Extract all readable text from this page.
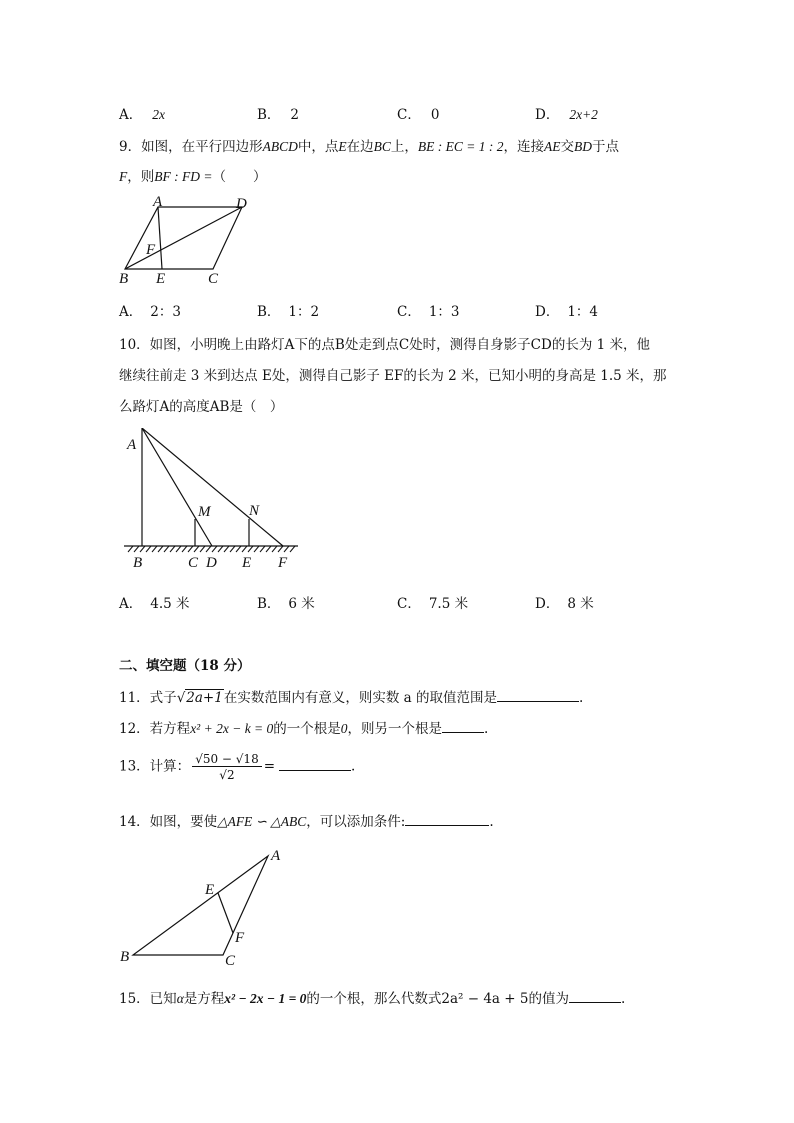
A． 2x	B． 2	C． 0	D． 2x+2
9．如图，在平行四边形ABCD中，点E在边BC上，BE : EC = 1 : 2，连接AE交BD于点
F，则BF : FD =（　　）
A	D
F
B E	C
A． 2：3	B． 1：2	C． 1：3	D． 1：4
10．如图，小明晚上由路灯A下的点B处走到点C处时，测得自身影子CD的长为 1 米，他
继续往前走 3 米到达点 E处，测得自己影子 EF的长为 2 米，已知小明的身高是 1.5 米，那
么路灯A的高度AB是（　）
A
M	N
B	C D E F
A． 4.5 米	B． 6 米	C． 7.5 米	D． 8 米
二、填空题（18 分）
11．式子√2a+1在实数范围内有意义，则实数 a 的取值范围是	.
12．若方程x² + 2x − k = 0的一个根是0，则另一个根是	.
13．计算： $\frac{√50 - √18}{√2}$ =	.
14．如图，要使△AFE ∽ △ABC，可以添加条件:	.
A
E
F
B	C
15．已知α是方程x² − 2x − 1 = 0的一个根，那么代数式2a² − 4a + 5的值为	.
